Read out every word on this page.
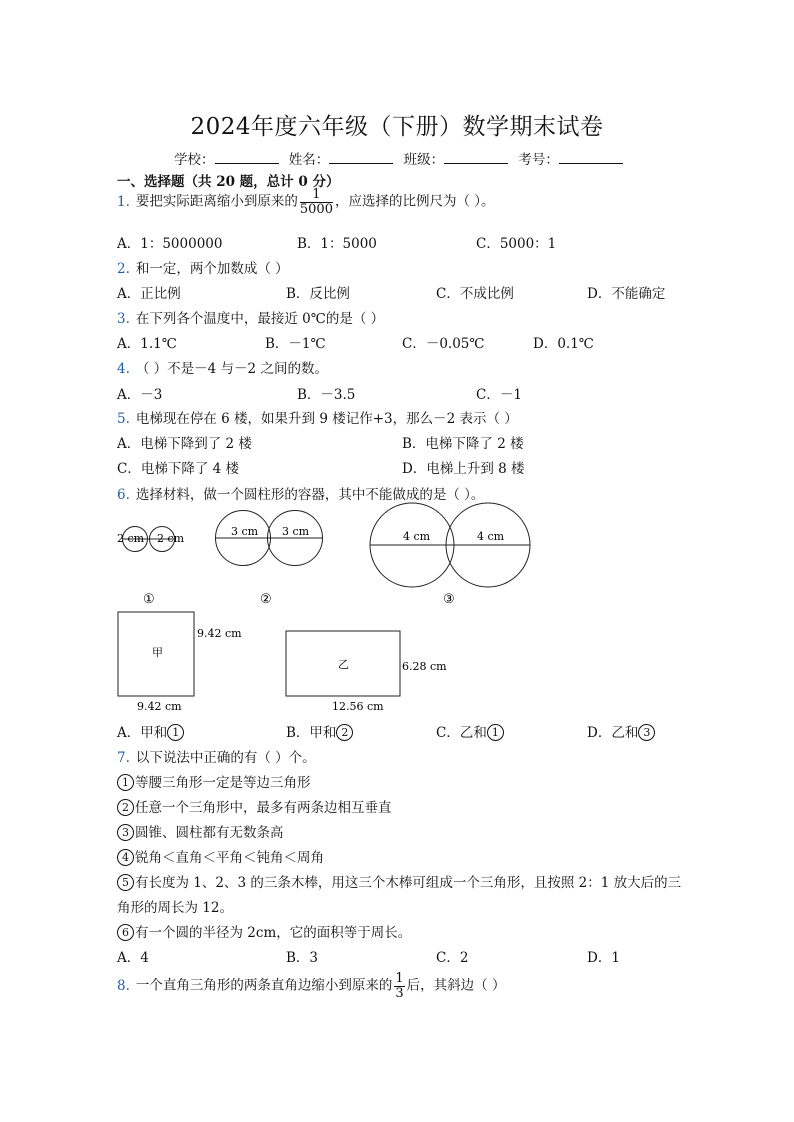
2024年度六年级（下册）数学期末试卷
学校：	姓名：	班级：	考号：
一、选择题（共 20 题，总计 0 分）
1. 要把实际距离缩小到原来的 $\frac{1}{5000}$ ，应选择的比例尺为（ ）。
A．1：5000000	B．1：5000	C．5000：1
2. 和一定，两个加数成（ ）
A．正比例	B．反比例	C．不成比例	D．不能确定
3. 在下列各个温度中，最接近 0℃的是（ ）
A．1.1℃	B．－1℃	C．－0.05℃	D．0.1℃
4. （ ）不是－4 与－2 之间的数。
A．－3	B．－3.5	C．－1
5. 电梯现在停在 6 楼，如果升到 9 楼记作+3，那么－2 表示（ ）
A．电梯下降到了 2 楼	B．电梯下降了 2 楼
C．电梯下降了 4 楼	D．电梯上升到 8 楼
6. 选择材料，做一个圆柱形的容器，其中不能做成的是（ ）。
2 cm 2 cm
①
3 cm 3 cm
②
4 cm	4 cm
③
甲
9.42 cm
9.42 cm
乙	6.28 cm
12.56 cm
A．甲和 1	B．甲和 2	C．乙和 1	D．乙和 3
7. 以下说法中正确的有（ ）个。
1 等腰三角形一定是等边三角形
2 任意一个三角形中，最多有两条边相互垂直
3 圆锥、圆柱都有无数条高
4 锐角＜直角＜平角＜钝角＜周角
5 有长度为 1、2、3 的三条木棒，用这三个木棒可组成一个三角形，且按照 2：1 放大后的三
角形的周长为 12。
6 有一个圆的半径为 2cm，它的面积等于周长。
A．4	B．3	C．2	D．1
8. 一个直角三角形的两条直角边缩小到原来的 $\frac{1}{3}$ 后，其斜边（ ）
